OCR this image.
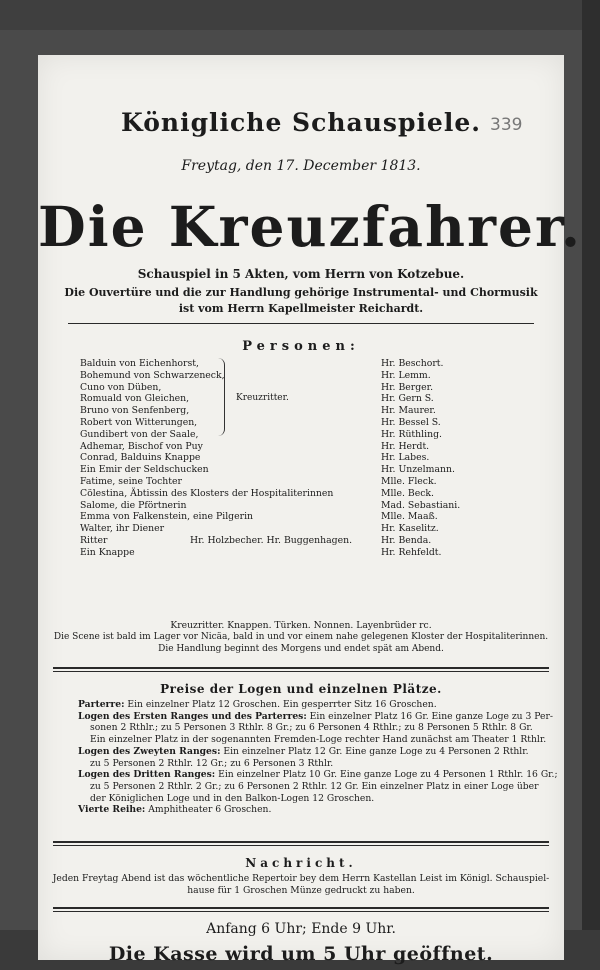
339
Königliche Schauspiele.
Freytag, den 17. December 1813.
Die Kreuzfahrer.
Schauspiel in 5 Akten, vom Herrn von Kotzebue.
Die Ouvertüre und die zur Handlung gehörige Instrumental- und Chormusik
ist vom Herrn Kapellmeister Reichardt.
Personen:
Kreuzritter.
Balduin von Eichenhorst,	Hr. Beschort.
Bohemund von Schwarzeneck,	Hr. Lemm.
Cuno von Düben,	Hr. Berger.
Romuald von Gleichen,	Hr. Gern S.
Bruno von Senfenberg,	Hr. Maurer.
Robert von Witterungen,	Hr. Bessel S.
Gundibert von der Saale,	Hr. Rüthling.
Adhemar, Bischof von Puy	Hr. Herdt.
Conrad, Balduins Knappe	Hr. Labes.
Ein Emir der Seldschucken	Hr. Unzelmann.
Fatime, seine Tochter	Mlle. Fleck.
Cölestina, Äbtissin des Klosters der Hospitaliterinnen	Mlle. Beck.
Salome, die Pförtnerin	Mad. Sebastiani.
Emma von Falkenstein, eine Pilgerin	Mlle. Maaß.
Walter, ihr Diener	Hr. Kaselitz.
Ritter	Hr. Holzbecher. Hr. Buggenhagen.	Hr. Benda.
Ein Knappe	Hr. Rehfeldt.
Kreuzritter. Knappen. Türken. Nonnen. Layenbrüder rc.
Die Scene ist bald im Lager vor Nicäa, bald in und vor einem nahe gelegenen Kloster der Hospitaliterinnen.
Die Handlung beginnt des Morgens und endet spät am Abend.
Preise der Logen und einzelnen Plätze.
Parterre: Ein einzelner Platz 12 Groschen. Ein gesperrter Sitz 16 Groschen.
Logen des Ersten Ranges und des Parterres: Ein einzelner Platz 16 Gr. Eine ganze Loge zu 3 Per-
sonen 2 Rthlr.; zu 5 Personen 3 Rthlr. 8 Gr.; zu 6 Personen 4 Rthlr.; zu 8 Personen 5 Rthlr. 8 Gr.
Ein einzelner Platz in der sogenannten Fremden-Loge rechter Hand zunächst am Theater 1 Rthlr.
Logen des Zweyten Ranges: Ein einzelner Platz 12 Gr. Eine ganze Loge zu 4 Personen 2 Rthlr.
zu 5 Personen 2 Rthlr. 12 Gr.; zu 6 Personen 3 Rthlr.
Logen des Dritten Ranges: Ein einzelner Platz 10 Gr. Eine ganze Loge zu 4 Personen 1 Rthlr. 16 Gr.;
zu 5 Personen 2 Rthlr. 2 Gr.; zu 6 Personen 2 Rthlr. 12 Gr. Ein einzelner Platz in einer Loge über
der Königlichen Loge und in den Balkon-Logen 12 Groschen.
Vierte Reihe: Amphitheater 6 Groschen.
Nachricht.
Jeden Freytag Abend ist das wöchentliche Repertoir bey dem Herrn Kastellan Leist im Königl. Schauspiel-
hause für 1 Groschen Münze gedruckt zu haben.
Anfang 6 Uhr; Ende 9 Uhr.
Die Kasse wird um 5 Uhr geöffnet.
